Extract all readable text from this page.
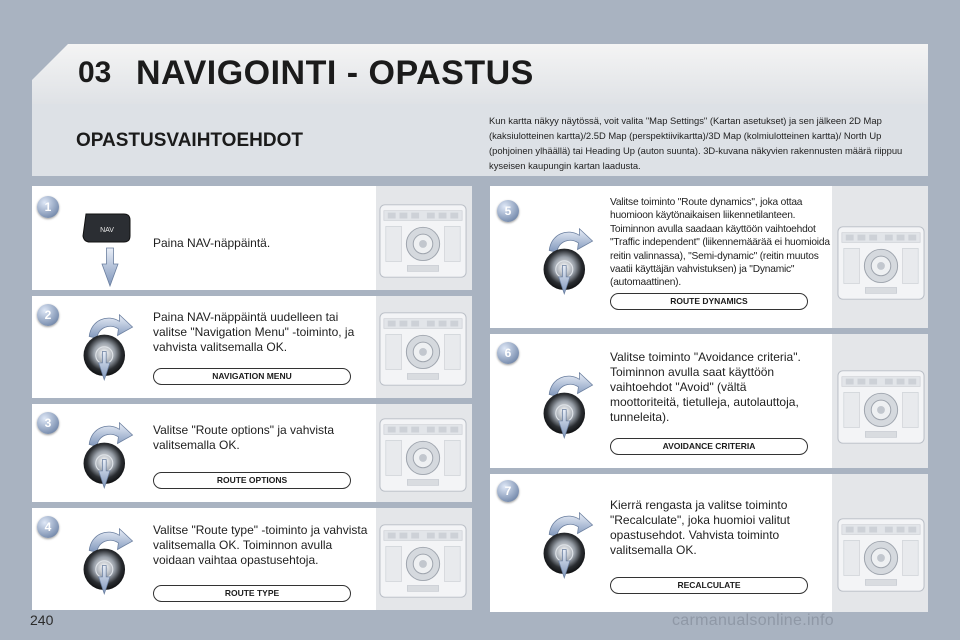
03 NAVIGOINTI - OPASTUS
OPASTUSVAIHTOEHDOT
Kun kartta näkyy näytössä, voit valita "Map Settings" (Kartan asetukset) ja sen jälkeen 2D Map (kaksiulotteinen kartta)/2.5D Map (perspektiivikartta)/3D Map (kolmiulotteinen kartta)/ North Up (pohjoinen ylhäällä) tai Heading Up (auton suunta). 3D-kuvana näkyvien rakennusten määrä riippuu kyseisen kaupungin kartan laadusta.
1
NAV
Paina NAV-näppäintä.
2	Paina NAV-näppäintä uudelleen tai valitse "Navigation Menu" -toiminto, ja vahvista valitsemalla OK.
NAVIGATION MENU
3	Valitse "Route options" ja vahvista valitsemalla OK.
ROUTE OPTIONS
4	Valitse "Route type" -toiminto ja vahvista valitsemalla OK. Toiminnon avulla voidaan vaihtaa opastusehtoja.
ROUTE TYPE
5
Valitse toiminto "Route dynamics", joka ottaa huomioon käytönaikaisen liikennetilanteen. Toiminnon avulla saadaan käyttöön vaihtoehdot "Traffic independent" (liikennemäärää ei huomioida reitin valinnassa), "Semi-dynamic" (reitin muutos vaatii käyttäjän vahvistuksen) ja "Dynamic" (automaattinen).
ROUTE DYNAMICS
6	Valitse toiminto "Avoidance criteria". Toiminnon avulla saat käyttöön vaihtoehdot "Avoid" (vältä moottoriteitä, tietulleja, autolauttoja, tunneleita).
AVOIDANCE CRITERIA
7
Kierrä rengasta ja valitse toiminto "Recalculate", joka huomioi valitut opastusehdot. Vahvista toiminto valitsemalla OK.
RECALCULATE
240	carmanualsonline.info
